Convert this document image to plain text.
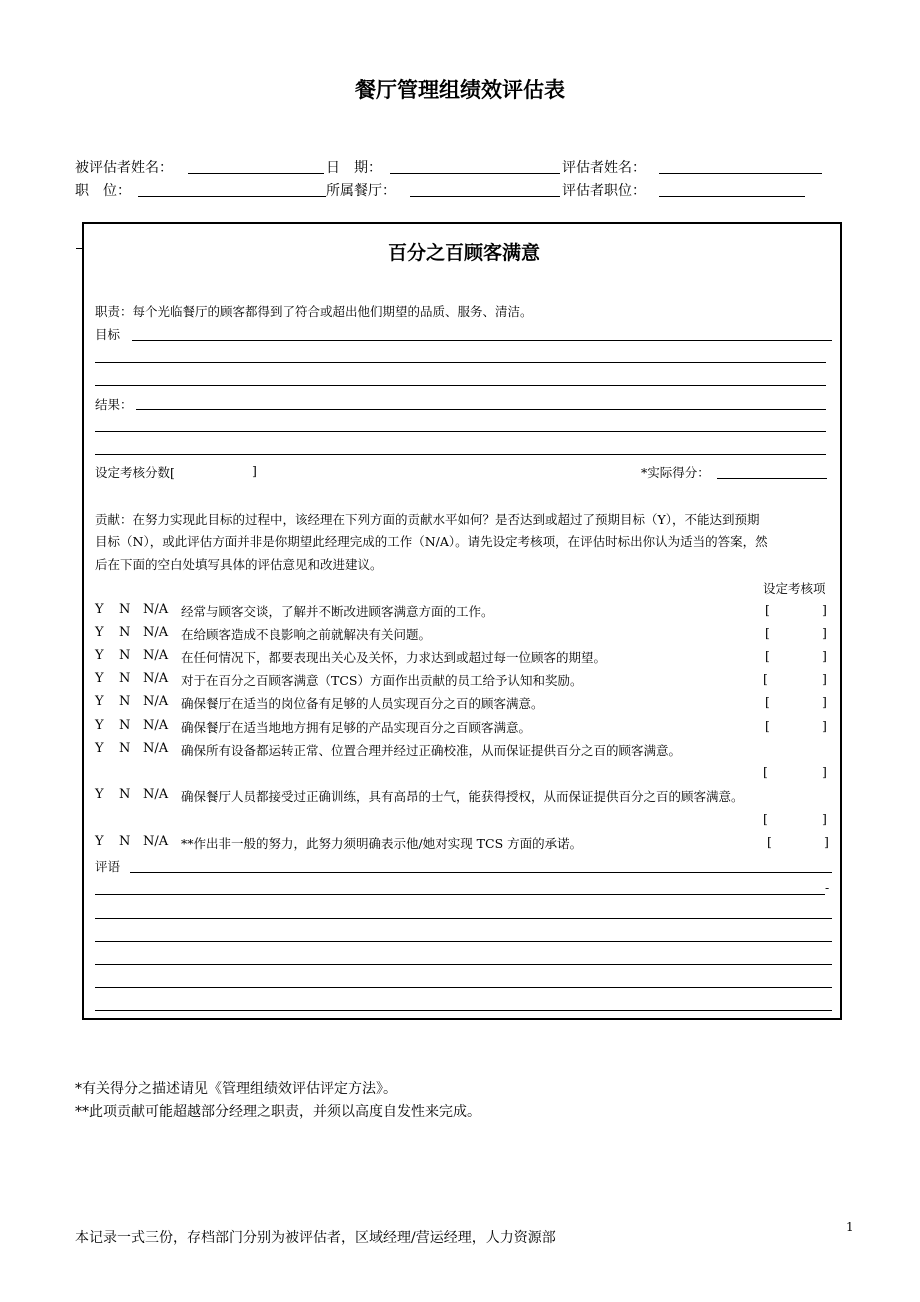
餐厅管理组绩效评估表
被评估者姓名：	日　期：	评估者姓名：
职　位：	所属餐厅：	评估者职位：
百分之百顾客满意
职责：每个光临餐厅的顾客都得到了符合或超出他们期望的品质、服务、清洁。
目标
结果：
设定考核分数[	]	*实际得分：
贡献：在努力实现此目标的过程中，该经理在下列方面的贡献水平如何？是否达到或超过了预期目标（Y），不能达到预期
目标（N），或此评估方面并非是你期望此经理完成的工作（N/A）。请先设定考核项，在评估时标出你认为适当的答案，然
后在下面的空白处填写具体的评估意见和改进建议。
设定考核项
Y N N/A 经常与顾客交谈，了解并不断改进顾客满意方面的工作。	[	]
Y N N/A 在给顾客造成不良影响之前就解决有关问题。	[	]
Y N N/A 在任何情况下，都要表现出关心及关怀，力求达到或超过每一位顾客的期望。	[	]
Y N N/A 对于在百分之百顾客满意（TCS）方面作出贡献的员工给予认知和奖励。	[	]
Y N N/A 确保餐厅在适当的岗位备有足够的人员实现百分之百的顾客满意。	[	]
Y N N/A 确保餐厅在适当地地方拥有足够的产品实现百分之百顾客满意。	[	]
Y N N/A 确保所有设备都运转正常、位置合理并经过正确校准，从而保证提供百分之百的顾客满意。
[	]
Y N N/A 确保餐厅人员都接受过正确训练，具有高昂的士气，能获得授权，从而保证提供百分之百的顾客满意。
[	]
Y N N/A **作出非一般的努力，此努力须明确表示他/她对实现 TCS 方面的承诺。	[	]
评语
-
*有关得分之描述请见《管理组绩效评估评定方法》。
**此项贡献可能超越部分经理之职责，并须以高度自发性来完成。
本记录一式三份，存档部门分别为被评估者，区域经理/营运经理，人力资源部
1
